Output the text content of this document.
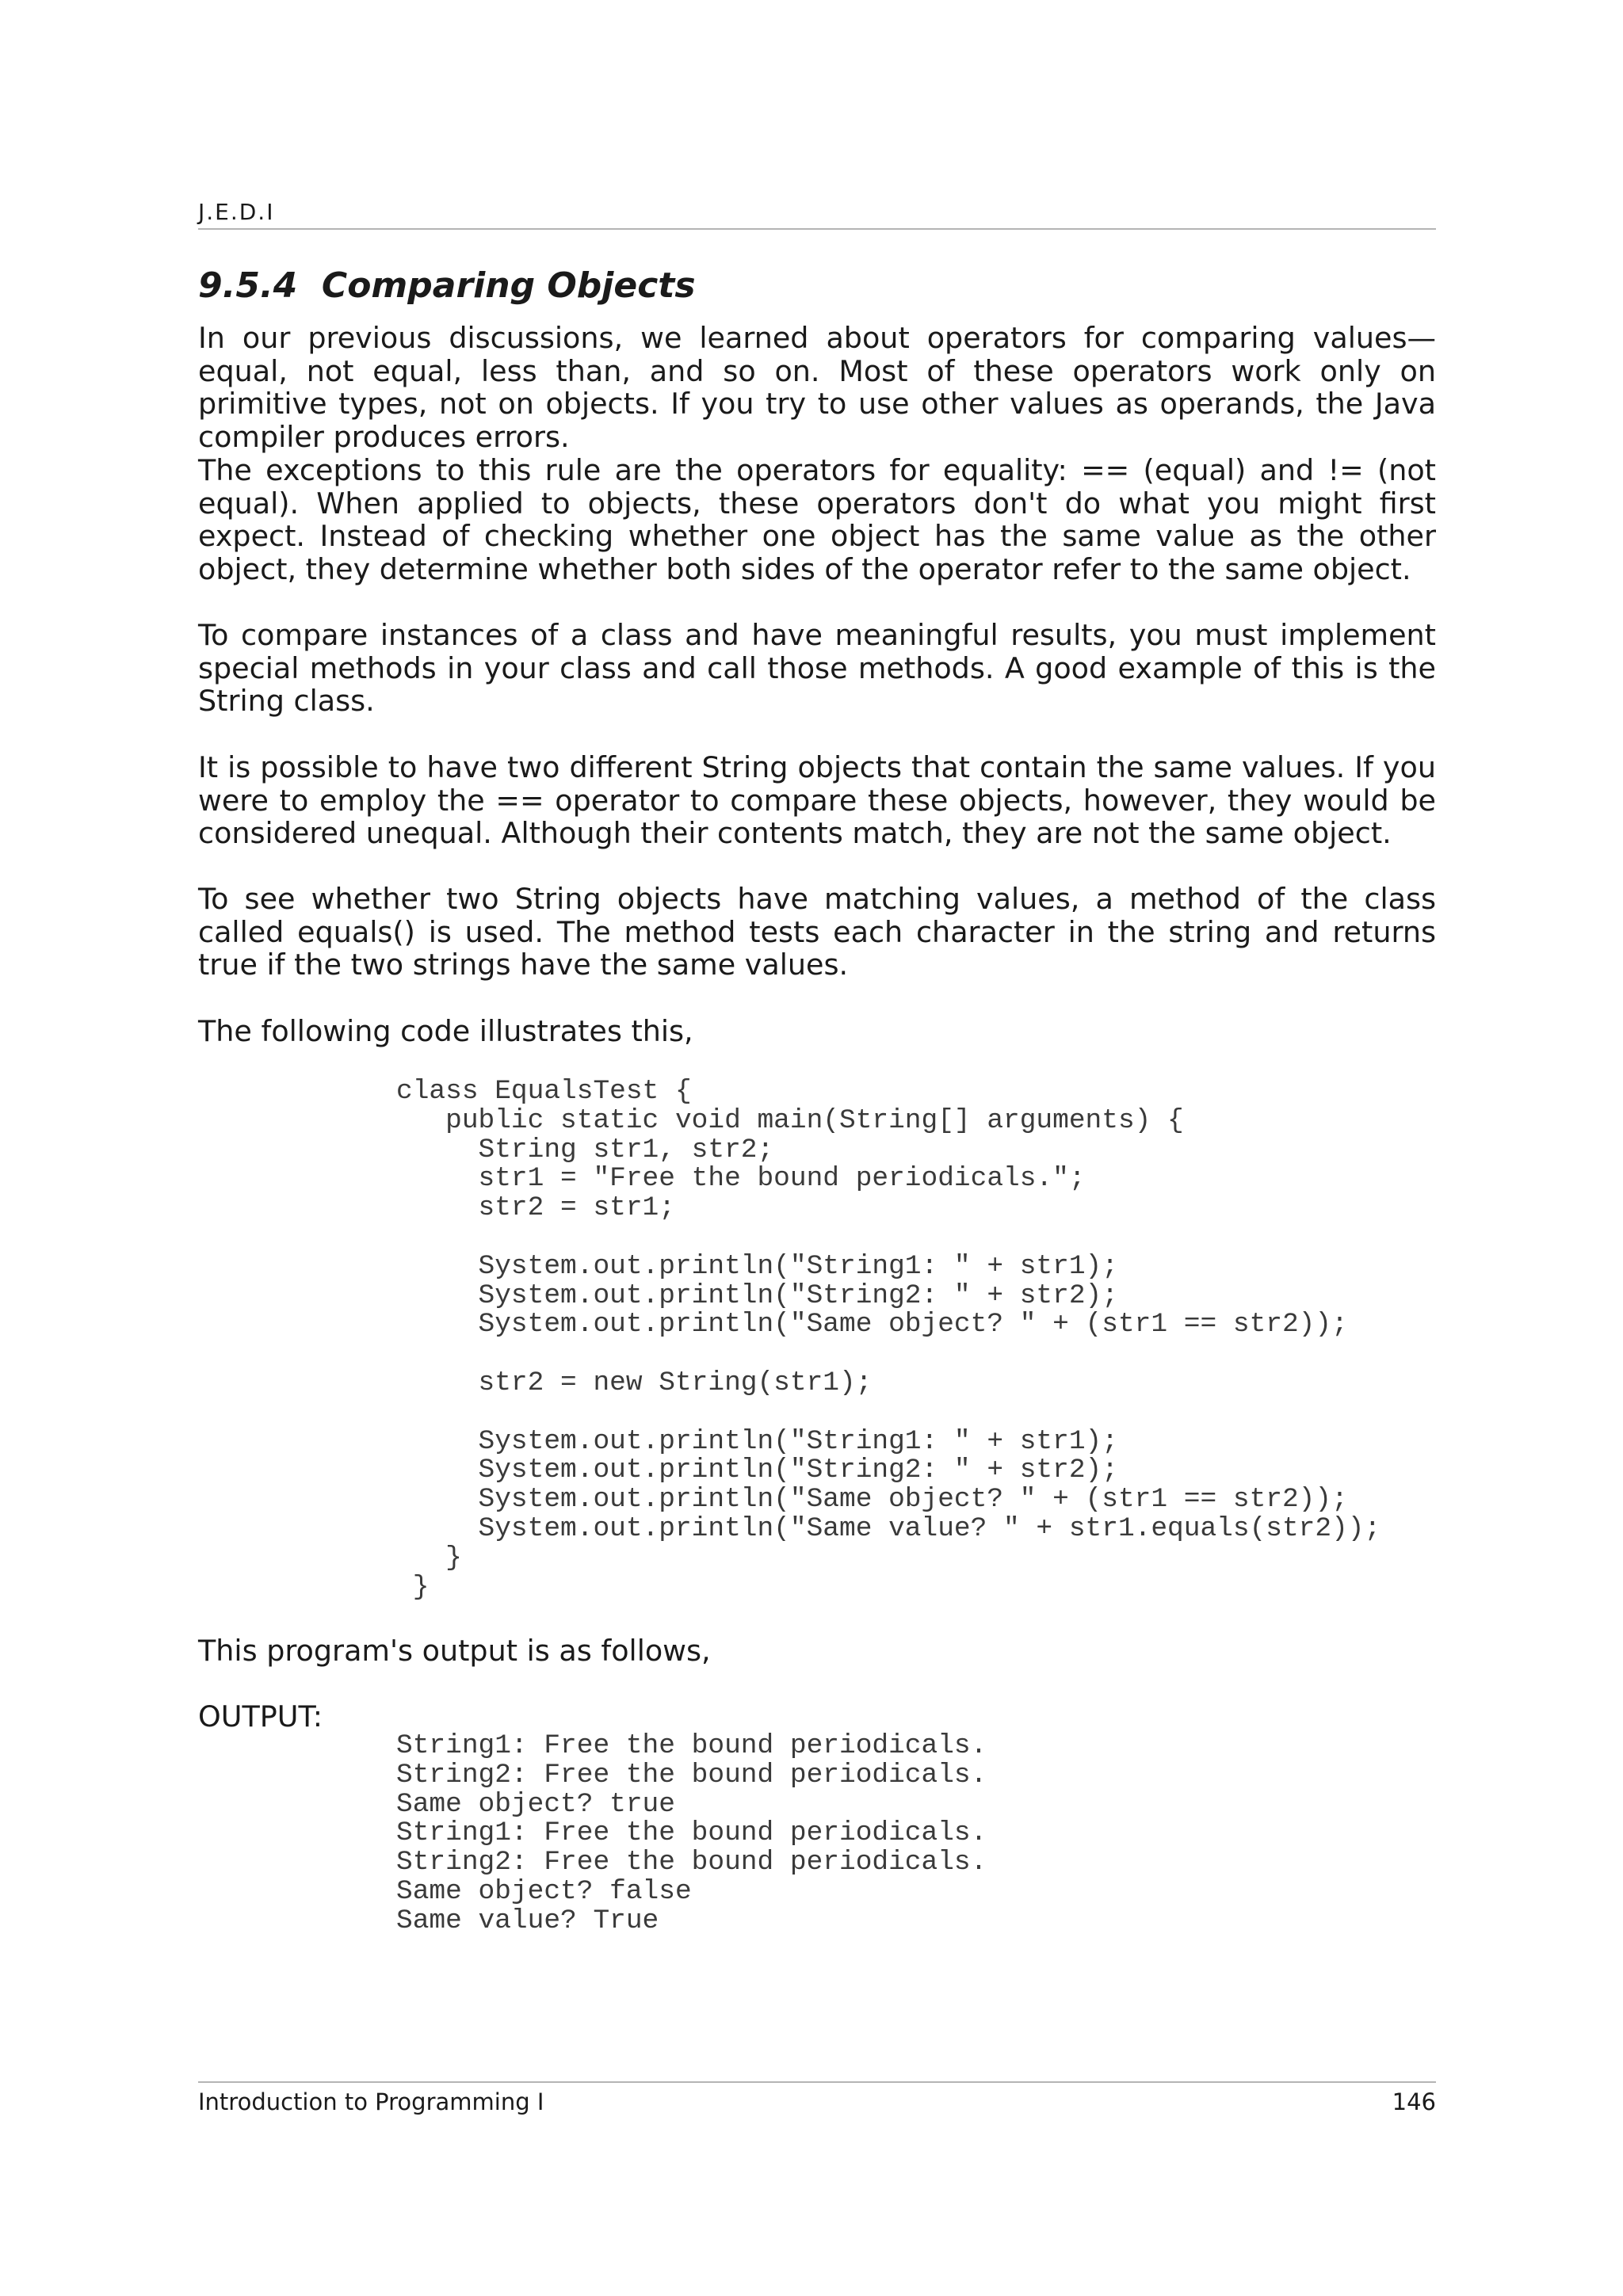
J.E.D.I
9.5.4  Comparing Objects

In our previous discussions, we learned about operators for comparing values—equal, not equal, less than, and so on. Most of these operators work only on primitive types, not on objects. If you try to use other values as operands, the Java compiler produces errors.

The exceptions to this rule are the operators for equality: == (equal) and != (not equal). When applied to objects, these operators don't do what you might first expect. Instead of checking whether one object has the same value as the other object, they determine whether both sides of the operator refer to the same object.

To compare instances of a class and have meaningful results, you must implement special methods in your class and call those methods. A good example of this is the String class.

It is possible to have two different String objects that contain the same values. If you were to employ the == operator to compare these objects, however, they would be considered unequal. Although their contents match, they are not the same object.

To see whether two String objects have matching values, a method of the class called equals() is used. The method tests each character in the string and returns true if the two strings have the same values.

The following code illustrates this,

class EqualsTest {
public static void main(String[] arguments) {
String str1, str2;
str1 = "Free the bound periodicals.";
str2 = str1;

System.out.println("String1: " + str1);
System.out.println("String2: " + str2);
System.out.println("Same object? " + (str1 == str2));

str2 = new String(str1);

System.out.println("String1: " + str1);
System.out.println("String2: " + str2);
System.out.println("Same object? " + (str1 == str2));
System.out.println("Same value? " + str1.equals(str2));
}
}

This program's output is as follows,

OUTPUT:

String1: Free the bound periodicals.
String2: Free the bound periodicals.
Same object? true
String1: Free the bound periodicals.
String2: Free the bound periodicals.
Same object? false
Same value? True
Introduction to Programming I	146
